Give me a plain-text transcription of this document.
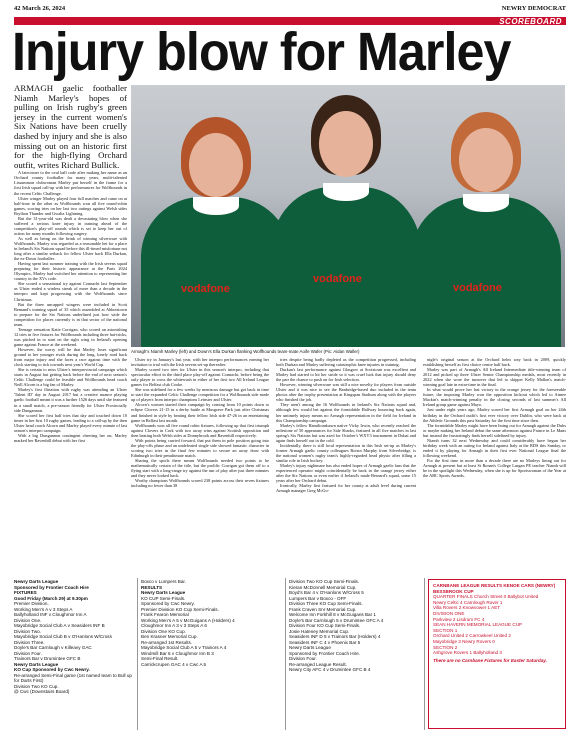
42 March 26, 2024	NEWRY DEMOCRAT
SCOREBOARD
Injury blow for Marley

ARMAGH gaelic footballer Niamh Marley's hopes of pulling on Irish rugby's green jersey in the current women's Six Nations have been cruelly dashed by injury and she is also missing out on an historic first for the high-flying Orchard outfit, writes Richard Bullick.

A latecomer to the oval ball code after making her name as an Orchard county footballer for many years, multi-talented Lissummon clubwoman Marley put herself in the frame for a first Irish squad call-up with her performances for Wolfhounds in the recent Celtic Challenge.

Ulster winger Marley played four full matches and came on at half-time in the other as Wolfhounds won all five round-robin games, scoring tries on her last two outings against Welsh sides Brython Thunder and Gwalia Lightning.

But the 31-year-old was dealt a devastating blow when she suffered a serious knee injury in training ahead of the competition's play-off rounds which is set to keep her out of action for many months following surgery.

As well as being on the brink of winning silverware with Wolfhounds, Marley was regarded as a reasonable bet for a place in Ireland's Six Nations squad before this ill-timed misfortune not long after a similar setback for fellow Ulster back Ella Durkan, the ex-Down footballer.

Having spent last summer training with the Irish sevens squad preparing for their historic appearance at the Paris 2024 Olympics, Marley had switched her attention to representing her country in the XVs code.

She scored a sensational try against Connacht last September as Ulster ended a winless streak of more than a decade in the interpro and kept progressing with the Wolfhounds since Christmas.

But the three uncapped wingers were included in Scott Bemand's training squad of 35 which assembled at Abbotstown to prepare for the Six Nations underlined just how wide the competition for places currently is in that sector of the national team.

Teenage sensation Katie Corrigan, who scored an astonishing 12 tries in five fixtures for Wolfhounds including three hat-tricks, was pitched in to start on the right wing in Ireland's opening game against France at the weekend.

However, the worry will be that Marley loses significant ground to her younger rivals during the long, lonely road back from major injury and she faces a race against time with the clock starting to tick towards next year's World Cup.

She is certain to miss Ulster's interprovincial campaign which starts in August but getting back before the end of next season's Celtic Challenge could be feasible and Wolfhounds head coach Neill Alcorn is a big fan of Marley.

Marley's first flirtation with rugby was attending an Ulster 'Talent ID' day in August 2017 but a creative nuance playing gaelic football meant it was a further 1526 days until she featured in a small match, a pre-season friendly for Ulster Provincially side Dungannon.

She scored her first half tries that day and touched down 10 times in her first 10 rugby games, leading to a call-up by the then Ulster head coach Alcorn and Marley played every minute of last season's interpro campaign.

With a big Dungannon contingent cheering her on, Marley marked her Ravenhill debut with her first

vodafone
vodafone
vodafone
Armagh's Niamh Marley (left) and Down's Ella Durkan flanking Wolfhounds team-mate Aoife Wafer (Pic: Aidan Waller)

Ulster try in January's last year, with her interpro performances earning her invitation to trial with the Irish sevens set-up thereafter.

Marley scored two tries for Ulster in this season's interpro, including that spectacular effort in the third place play-off against Connacht, before being the only player to cross the whitewash in either of her first two All Ireland League games for Belfast club Cooke.

She was sidelined for a few weeks by meniscus damage but got back in time to start the expanded Celtic Challenge competition for a Wolfhounds side made up of players from interpro champions Leinster and Ulster.

Alcorn's women started their campaign by coming from 10 points down to eclipse Clovers 21-15 in a derby battle at Musgrave Park just after Christmas and finished in style by beating their fellow Irish side 47-26 in an entertaining game in Belfast last month.

Wolfhounds won all five round robin fixtures, following up that first triumph against Clovers in Cork with two away wins against Scottish opposition and then beating both Welsh sides at Donnybrook and Ravenhill respectively.

With points being carried forward, that put them in pole position going into the play-offs phase and an undefeated single side showed fantastic character in scoring two tries in the final few minutes to secure an away draw with Edinburgh in their penultimate match.

Sharing the spoils there meant Wolfhounds needed two points to be mathematically certain of the title, but the prolific Corrigan got them off to a flying start with a long-range try against the run of play after just three minutes and they never looked back.

Worthy champions Wolfhounds scored 238 points across their seven fixtures including no fewer than 38

tries despite being badly depleted as the competition progressed, including both Durkan and Marley suffering catastrophic knee injuries in training.

Durkan's last performance against Glasgow at Scotstoun was excellent and Marley had started to hit her stride so it was cruel luck that injury should deny the pair the chance to push on for Irish selection.

However, winning silverware was still a nice novelty for players from outside Ulster and it was nice to see the Banbridge-based duo included in the team photos after the trophy presentation at Kingspan Stadium along with the players who finished the job.

They aren't among the 16 Wolfhounds in Ireland's Six Nations squad and, although few would bet against the formidable Halfway bouncing back again, her untimely injury means no Armagh representation in the field for Ireland in this Championship campaign.

Marley's fellow Hamiltonsbawn native Vicky Irwin, who recently reached the milestone of 50 appearances for Sale Sharks, featured in all five matches in last spring's Six Nations but was axed for October's WXV3 tournament in Dubai and again finds herself out in the cold.

Incidentally, there is still local representation in this Irish set-up as Marley's former Armagh gaelic county colleagues Roisin Murphy from Silverbridge, is the national women's rugby team's highly-regarded head physio after filling a similar role in Irish hockey.

Marley's injury nightmare has also ended hopes of Armagh gaelic fans that the experienced operator might coincidentally be back in the orange jersey either after the Six Nations or even earlier if Ireland's made Bernard's squad, some 15 years after her Orchard debut.

Ironically, Marley first featured for her county at adult level during current Armagh manager Greg McGo-

nigle's original season at the Orchard helm way back in 2009, quickly establishing herself as first choice centre half back.

Marley was part of Armagh's All Ireland Intermediate title-winning team of 2012 and picked up three Ulster Senior Championship medals, most recently in 2022 when she wore the turnover that led to skipper Kelly Mallon's match-winning goal late in extra-time in the final.

In what would prove her last victory in the orange jersey for the foreseeable future, the imposing Marley won the opposition kickout which led to Aimee Mackin's match-winning penalty in the closing seconds of last summer's All Ireland group game against Mayo.

Just under eight years ago, Marley scored her first Armagh goal on her 24th birthday in the Orchard outfit's first ever victory over Dublin, who were back at the Athletic Grounds this past Saturday for the first time since then.

The formidable Marley might have been lining out for Armagh against the Dubs or maybe making her Ireland debut the same afternoon against France in Le Mans but instead the frustratingly finds herself sidelined by injury.

Niamh turns 32 next Wednesday and could considerably have begun her birthday week with an outing for Ireland against Italy at the RDS this Sunday, or ended it by playing for Armagh in their first ever National League final the following weekend.

For the first time in more than a decade there are no Marleys lining out for Armagh at present but at least St Ronan's College Lurgan PE teacher Niamh will be in the spotlight this Wednesday, when she is up for Sportswoman of the Year at the ABC Sports Awards.

Newry Darts League
Sponsored by Frontier Coach Hire
FIXTURES
Good Friday (March 29) at 9.30pm
Premier Division.
Working Men's A v 3 Steps A
Ballyholland INF v Cloughmor Inn A
Division One.
Mayobridge Social Club A v Seasiders INF B
Division Two.
Mayobridge Social Club B v O'Hanlons W/Cross
Division Three.
Doyle's Bar Carnlough v Killeavy GAC
Division Four.
Trainors Bar v Drumintee GFC B
Newry Darts League
KO Cup Sponsored by Cwc Newry.
Re-arranged Semi-Final game (1st named team to Bull up for Darts First)
Division Two KO Cup.
@ Cwc (Downstairs Board)
Boxco v Lumpers Bar.
RESULTS
Newry Darts League
KO CUP Semi-Finals.
Sponsored by Cwc Newry.
Premier Division KO Cup Semi-Finals.
Frank Fearon Memorial
Working Men's A 5 v McGuigans A (Holders) 4
Cloughmor Inn A 3 v 3 Steps A 6
Division One KO Cup.
Ben Krasner Memorial Cup.
Re-arranged 1st Results.
Mayobridge Social Club A 5 v Trainors A 4
Windmill Bar 6 v Cloughmor Inn B 3
Semi-Final Result.
Carrickcrupen GAC 4 v Cwc A 5
Division Two KO Cup Semi-Finals.
Kieran McDonnell Memorial Cup.
Boyd's Bar 4 v O'Hanlons W/Cross 5
Lumpers Bar v Boxco - OFF
Division Three KO Cup Semi-Finals.
Frank Craven Snr Memorial Cup.
Welcome Inn Forkhill 8 v McGuigans Bar 1
Doyle's Bar Carnlough 5 v Drumintee GFC A 4
Division Four KO Cup Semi-Finals.
Josie Hateney Memorial Cup.
Seasiders INF D 5 v Trainors Bar (Holders) 4
Seasiders INF C 4 v Phoenix Bar 5
Newry Darts League
Sponsored by Frontier Coach Hire.
Division Four.
Re-arranged League Result.
Newry City AFC 4 v Drumintee GFC B 4
CARNBANE LEAGUE RESULTS KENOE CARS (NEWRY) BESSBROOK CUP
QUARTER FINALS Church Street 0 Ballybot United
Newry Celtic 4 Carnlough Rover 1
Villa Rovers 2 Knowvower 1 AET
DIVISION ONE
Parkview 2 Lisdrum FC 4
SEAN HAVERN MEMORIAL LEAGUE CUP
SECTION 1
Orchard United 2 Carrowkeel United 2
Mayobridge 3 Newry Rovers 0
SECTION 2
Ashgrove Rovers 1 Ballyholland 3
There are no Carnbane Fixtures for Easter Saturday.
